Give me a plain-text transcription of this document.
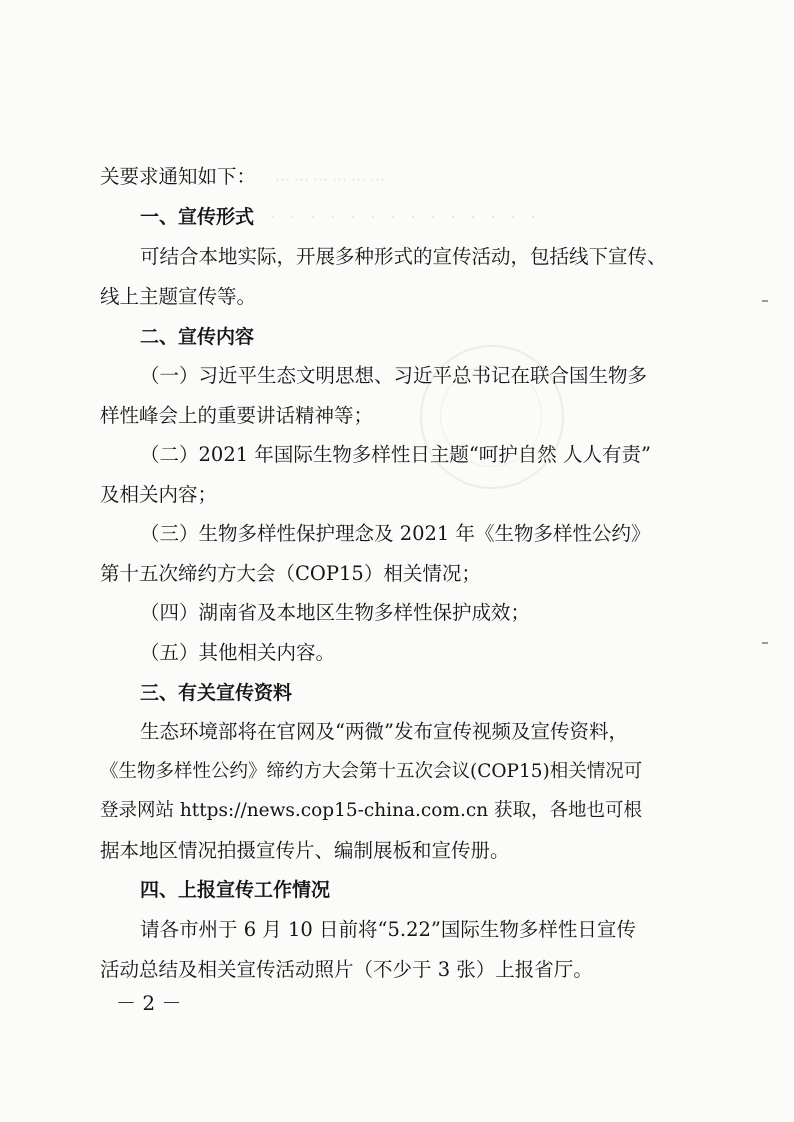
⋯⋯⋯⋯⋯⋯
· · · · · · · · · · · · · ·
关要求通知如下：
一、宣传形式
可结合本地实际，开展多种形式的宣传活动，包括线下宣传、
线上主题宣传等。
二、宣传内容
（一）习近平生态文明思想、习近平总书记在联合国生物多
样性峰会上的重要讲话精神等；
（二）2021 年国际生物多样性日主题“呵护自然 人人有责”
及相关内容；
（三）生物多样性保护理念及 2021 年《生物多样性公约》
第十五次缔约方大会（COP15）相关情况；
（四）湖南省及本地区生物多样性保护成效；
（五）其他相关内容。
三、有关宣传资料
生态环境部将在官网及“两微”发布宣传视频及宣传资料，
《生物多样性公约》缔约方大会第十五次会议(COP15)相关情况可
登录网站 https://news.cop15-china.com.cn 获取，各地也可根
据本地区情况拍摄宣传片、编制展板和宣传册。
四、上报宣传工作情况
请各市州于 6 月 10 日前将“5.22”国际生物多样性日宣传
活动总结及相关宣传活动照片（不少于 3 张）上报省厅。
－ 2 －
